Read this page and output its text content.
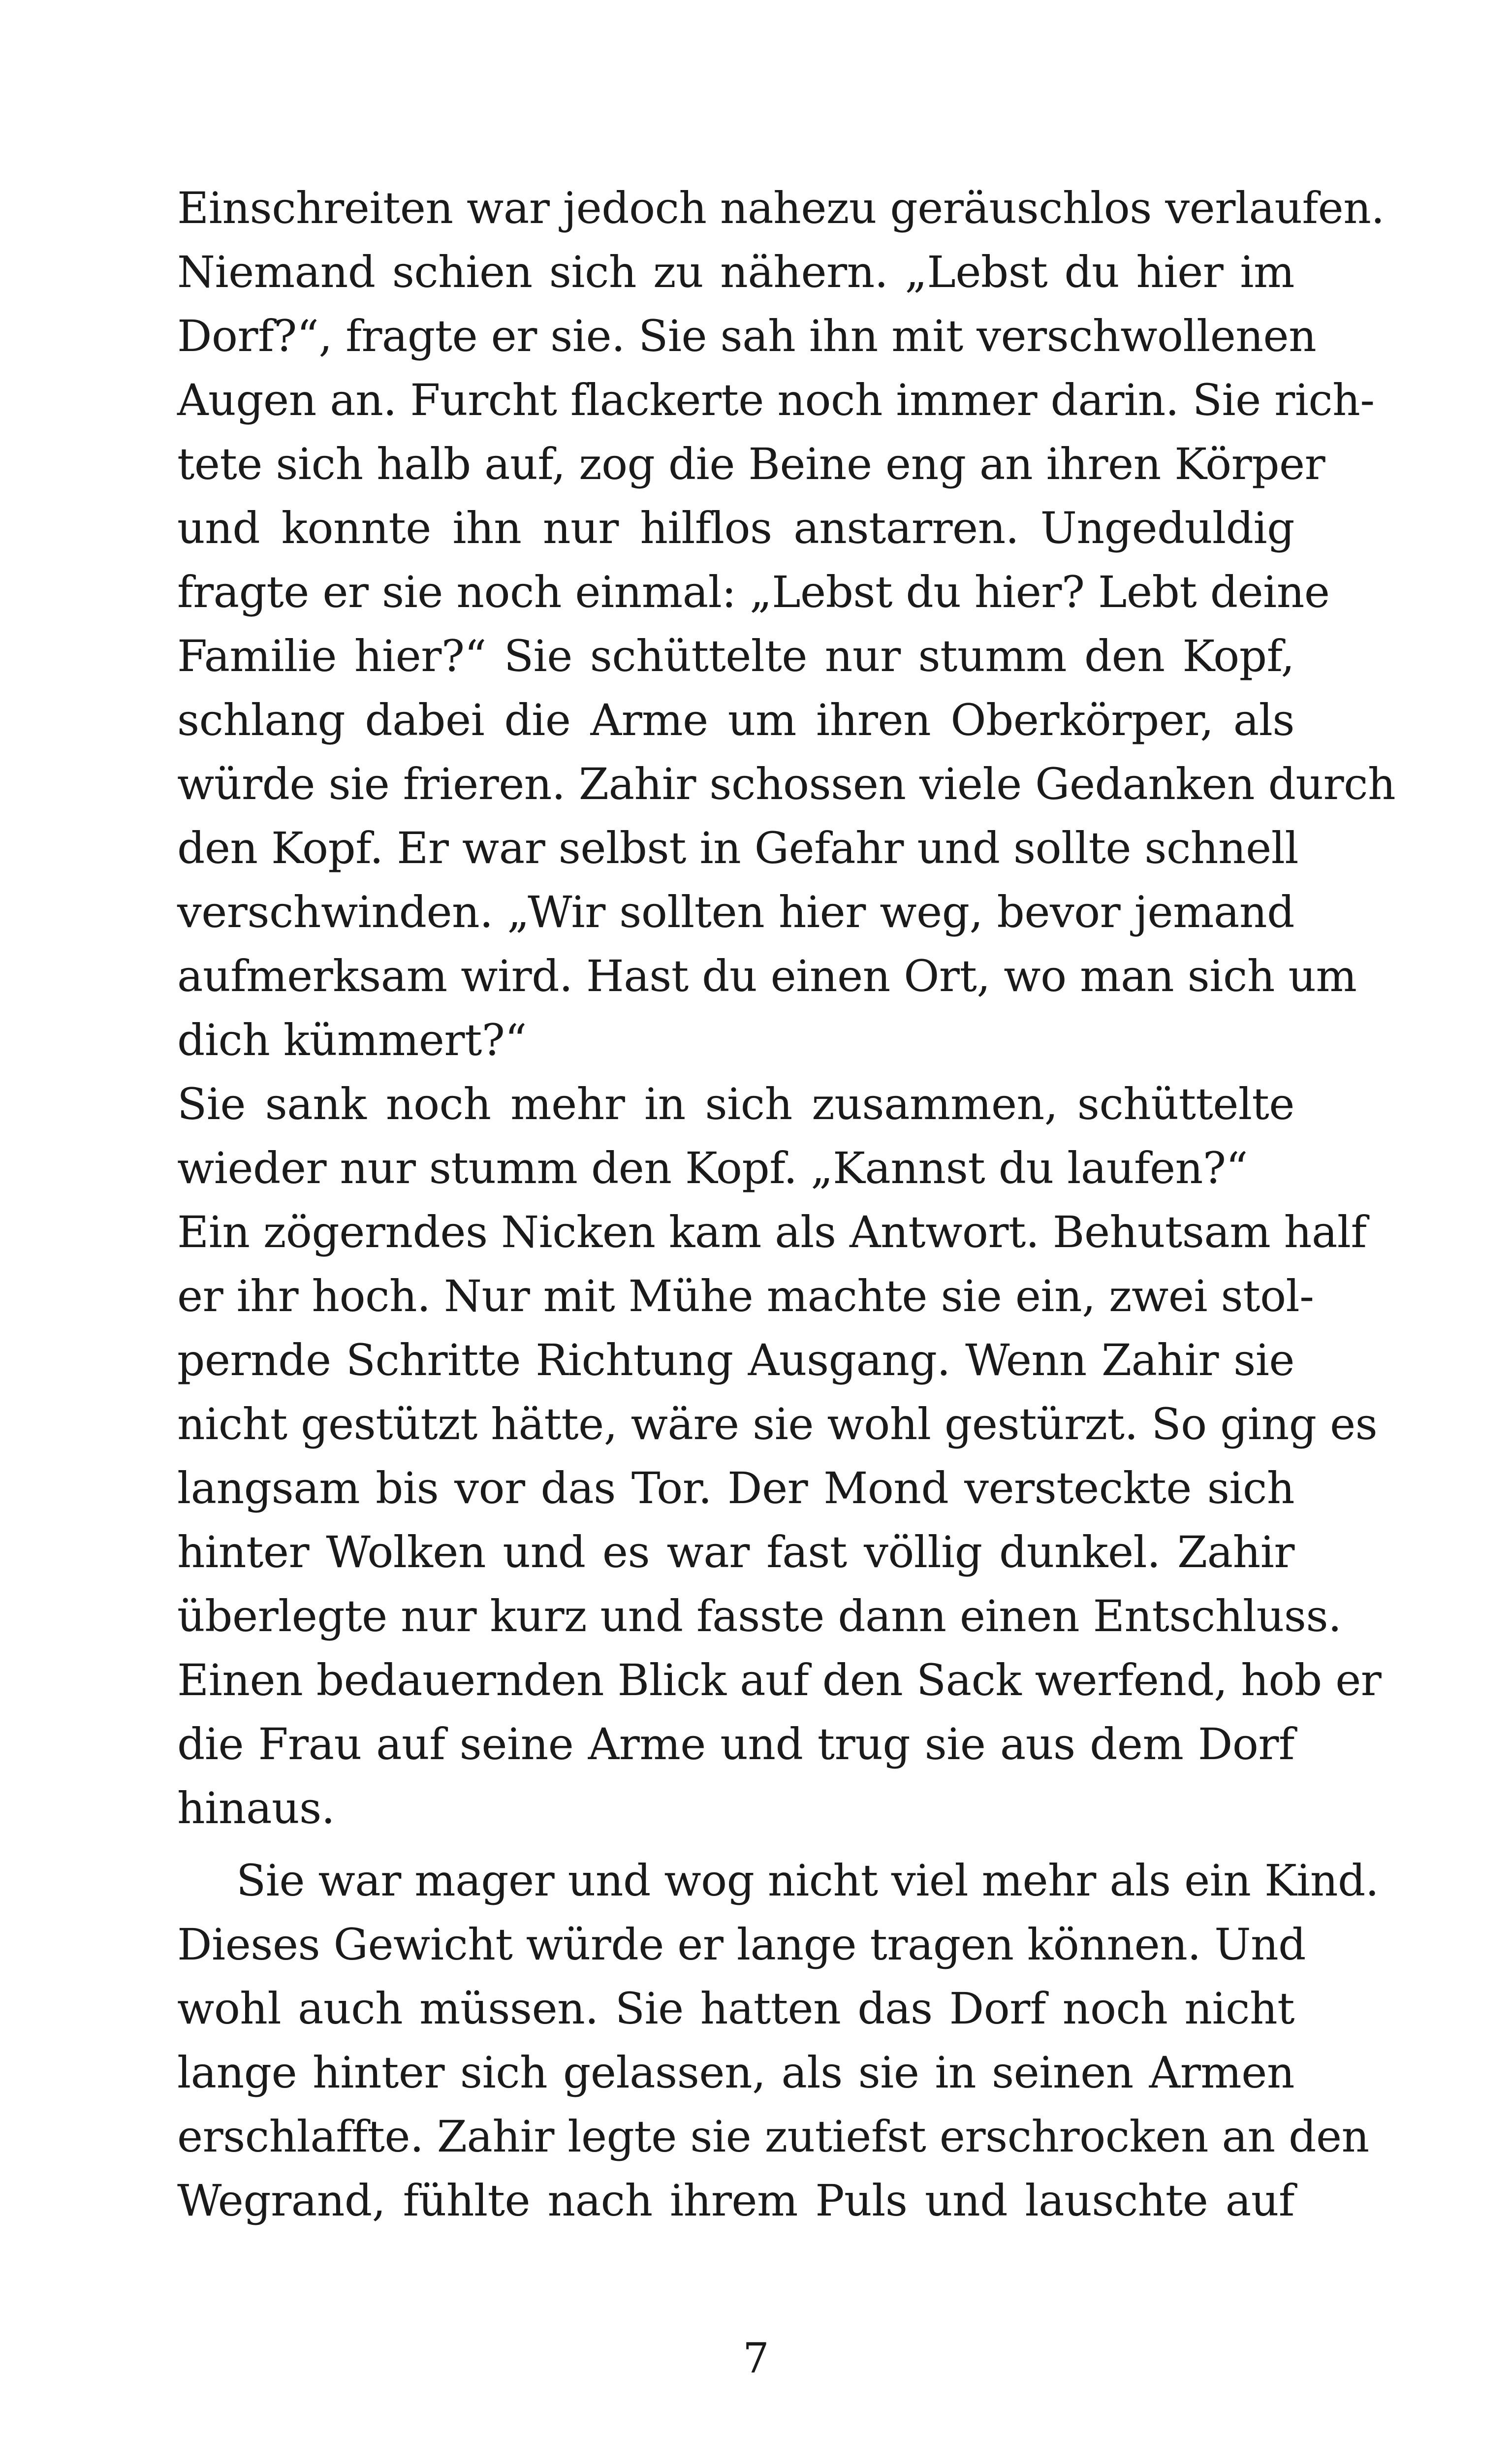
Einschreiten war jedoch nahezu geräuschlos verlaufen.
Niemand schien sich zu nähern. „Lebst du hier im
Dorf?“, fragte er sie. Sie sah ihn mit verschwollenen
Augen an. Furcht flackerte noch immer darin. Sie rich-
tete sich halb auf, zog die Beine eng an ihren Körper
und konnte ihn nur hilflos anstarren. Ungeduldig
fragte er sie noch einmal: „Lebst du hier? Lebt deine
Familie hier?“ Sie schüttelte nur stumm den Kopf,
schlang dabei die Arme um ihren Oberkörper, als
würde sie frieren. Zahir schossen viele Gedanken durch
den Kopf. Er war selbst in Gefahr und sollte schnell
verschwinden. „Wir sollten hier weg, bevor jemand
aufmerksam wird. Hast du einen Ort, wo man sich um
dich kümmert?“
Sie sank noch mehr in sich zusammen, schüttelte
wieder nur stumm den Kopf. „Kannst du laufen?“
Ein zögerndes Nicken kam als Antwort. Behutsam half
er ihr hoch. Nur mit Mühe machte sie ein, zwei stol-
pernde Schritte Richtung Ausgang. Wenn Zahir sie
nicht gestützt hätte, wäre sie wohl gestürzt. So ging es
langsam bis vor das Tor. Der Mond versteckte sich
hinter Wolken und es war fast völlig dunkel. Zahir
überlegte nur kurz und fasste dann einen Entschluss.
Einen bedauernden Blick auf den Sack werfend, hob er
die Frau auf seine Arme und trug sie aus dem Dorf
hinaus.
Sie war mager und wog nicht viel mehr als ein Kind.
Dieses Gewicht würde er lange tragen können. Und
wohl auch müssen. Sie hatten das Dorf noch nicht
lange hinter sich gelassen, als sie in seinen Armen
erschlaffte. Zahir legte sie zutiefst erschrocken an den
Wegrand, fühlte nach ihrem Puls und lauschte auf
7
